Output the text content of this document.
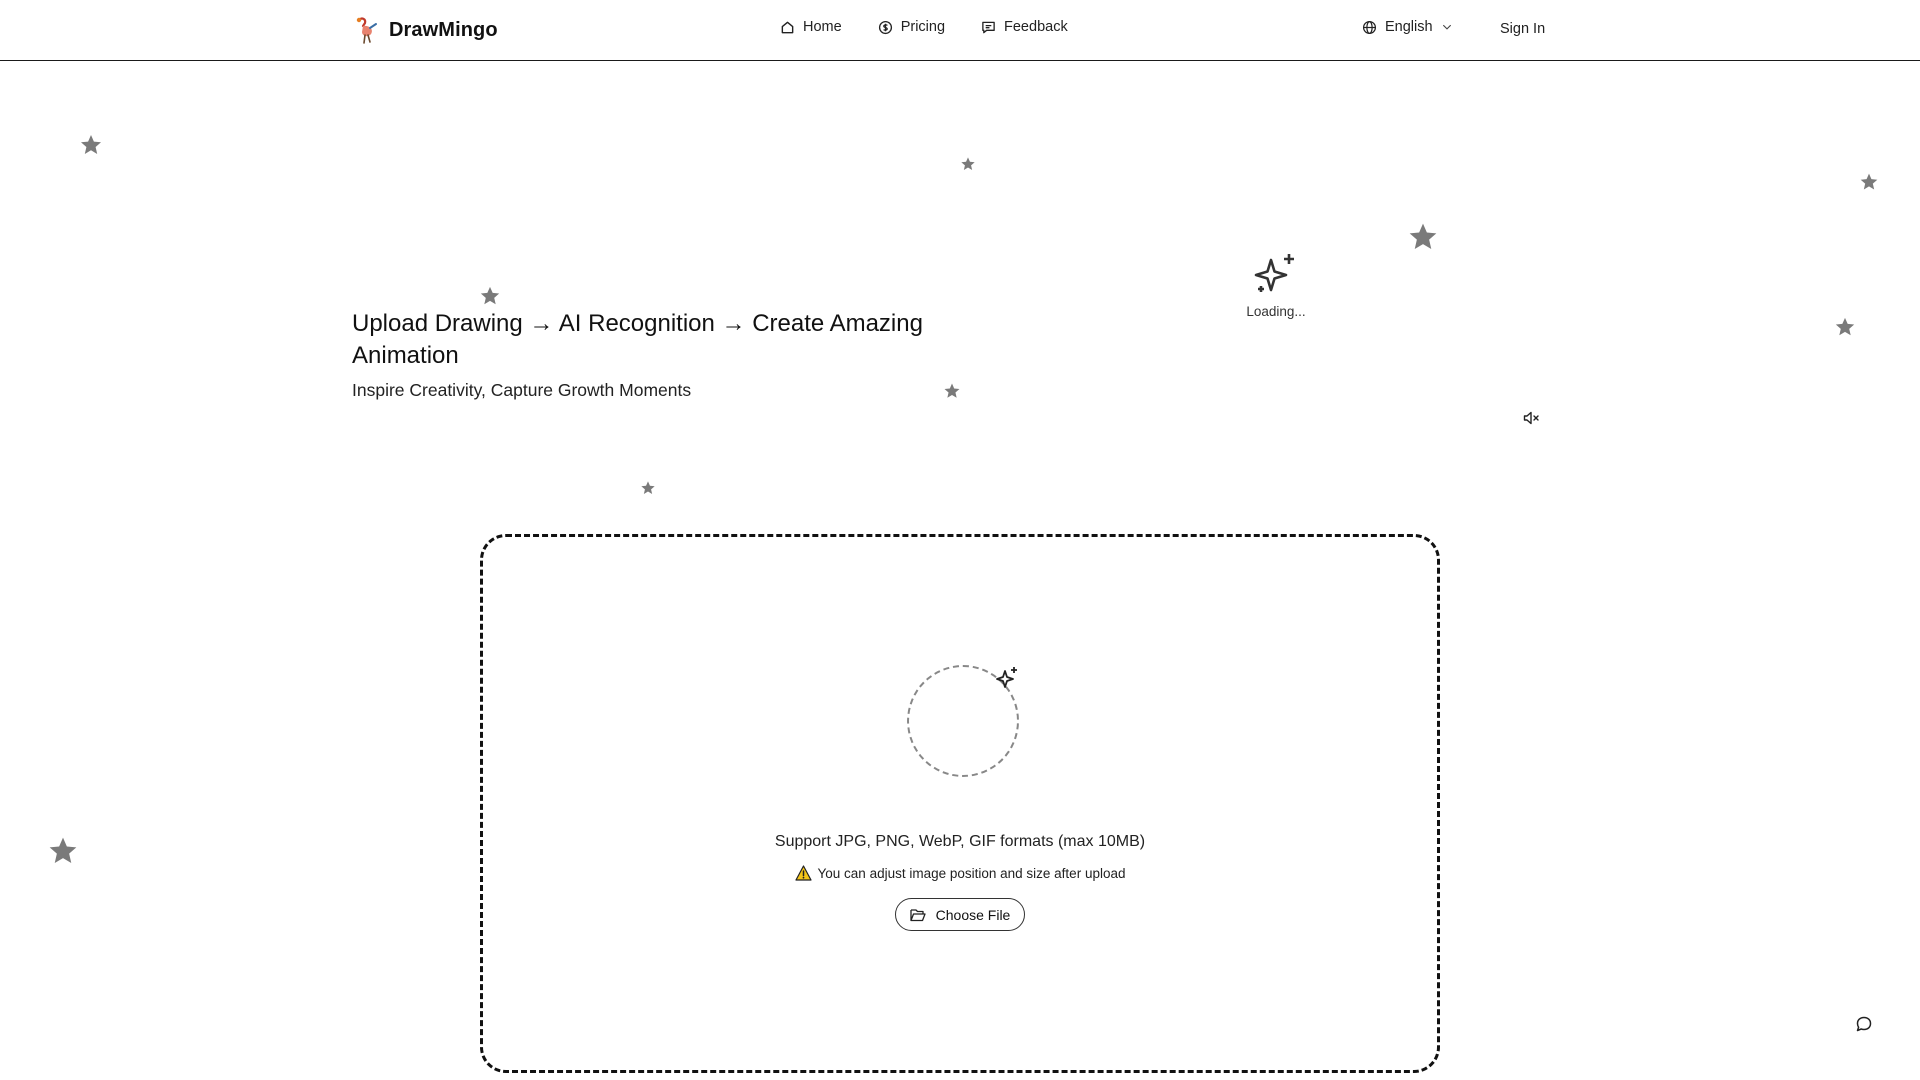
DrawMingo	Home	Pricing	Feedback	English	Sign In
Upload Drawing → AI Recognition → Create Amazing Animation

Inspire Creativity, Capture Growth Moments

Loading...
Support JPG, PNG, WebP, GIF formats (max 10MB)
You can adjust image position and size after upload
Choose File
